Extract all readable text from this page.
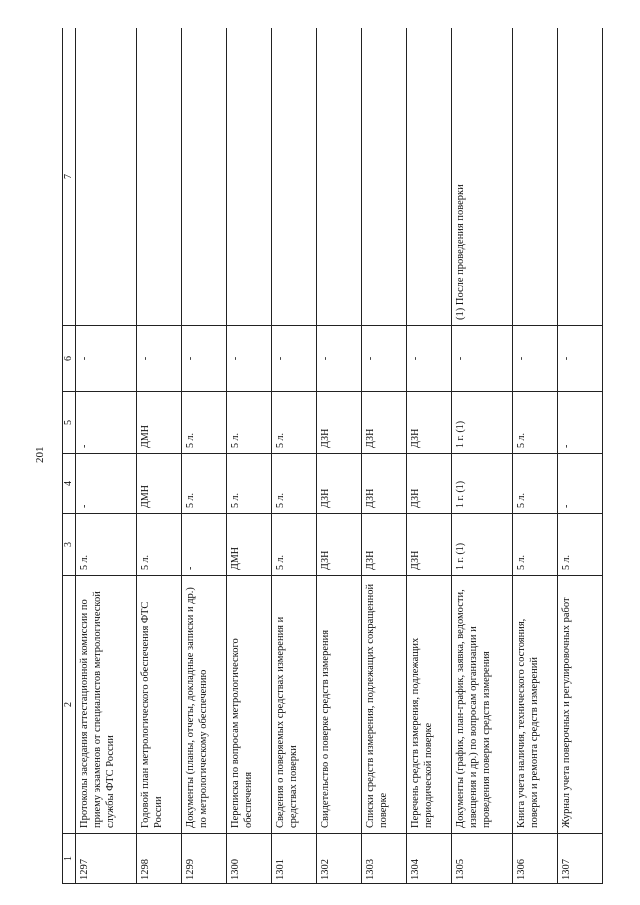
201
1	2	3	4	5	6	7
1297	Протоколы заседания аттестационной комиссии по приему экзаменов от специалистов метрологической службы ФТС России	5 л.	-	-	-	
1298	Годовой план метрологического обеспечения ФТС России	5 л.	ДМН	ДМН	-	
1299	Документы (планы, отчеты, докладные записки и др.) по метрологическому обеспечению	-	5 л.	5 л.	-	
1300	Переписка по вопросам метрологического обеспечения	ДМН	5 л.	5 л.	-	
1301	Сведения о поверяемых средствах измерения и средствах поверки	5 л.	5 л.	5 л.	-	
1302	Свидетельство о поверке средств измерения	ДЗН	ДЗН	ДЗН	-	
1303	Списки средств измерения, подлежащих сокращенной поверке	ДЗН	ДЗН	ДЗН	-	
1304	Перечень средств измерения, подлежащих периодической поверке	ДЗН	ДЗН	ДЗН	-	
1305	Документы (график, план-график, заявка, ведомости, извещения и др.) по вопросам организации и проведения поверки средств измерения	1 г. (1)	1 г. (1)	1 г. (1)	-	(1) После проведения поверки
1306	Книга учета наличия, технического состояния, поверки и ремонта средств измерений	5 л.	5 л.	5 л.	-	
1307	Журнал учета поверочных и регулировочных работ	5 л.	-	-	-	
